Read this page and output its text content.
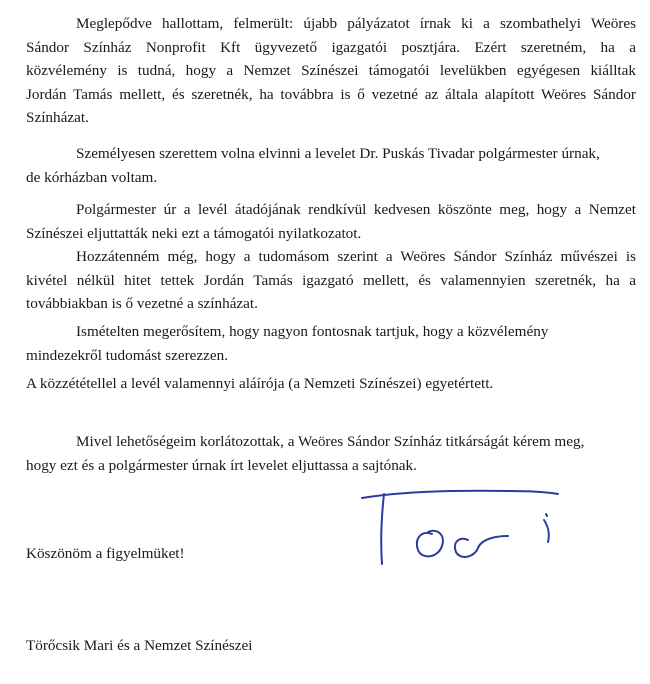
Meglepődve hallottam, felmerült: újabb pályázatot írnak ki a szombathelyi Weöres
Sándor Színház Nonprofit Kft ügyvezető igazgatói posztjára. Ezért szeretném, ha a
közvélemény is tudná, hogy a Nemzet Színészei támogatói levelükben egyégesen kiálltak
Jordán Tamás mellett, és szeretnék, ha továbbra is ő vezetné az általa alapított Weöres Sándor
Színházat.

Személyesen szerettem volna elvinni a levelet Dr. Puskás Tivadar polgármester úrnak,
de kórházban voltam.

Polgármester úr a levél átadójának rendkívül kedvesen köszönte meg, hogy a Nemzet
Színészei eljuttatták neki ezt a támogatói nyilatkozatot.

Hozzátenném még, hogy a tudomásom szerint a Weöres Sándor Színház művészei is
kivétel nélkül hitet tettek Jordán Tamás igazgató mellett, és valamennyien szeretnék, ha a
továbbiakban is ő vezetné a színházat.

Ismételten megerősítem, hogy nagyon fontosnak tartjuk, hogy a közvélemény
mindezekről tudomást szerezzen.

A közzététellel a levél valamennyi aláírója (a Nemzeti Színészei) egyetértett.

Mivel lehetőségeim korlátozottak, a Weöres Sándor Színház titkárságát kérem meg,
hogy ezt és a polgármester úrnak írt levelet eljuttassa a sajtónak.

Köszönöm a figyelmüket!

Törőcsik Mari és a Nemzet Színészei
